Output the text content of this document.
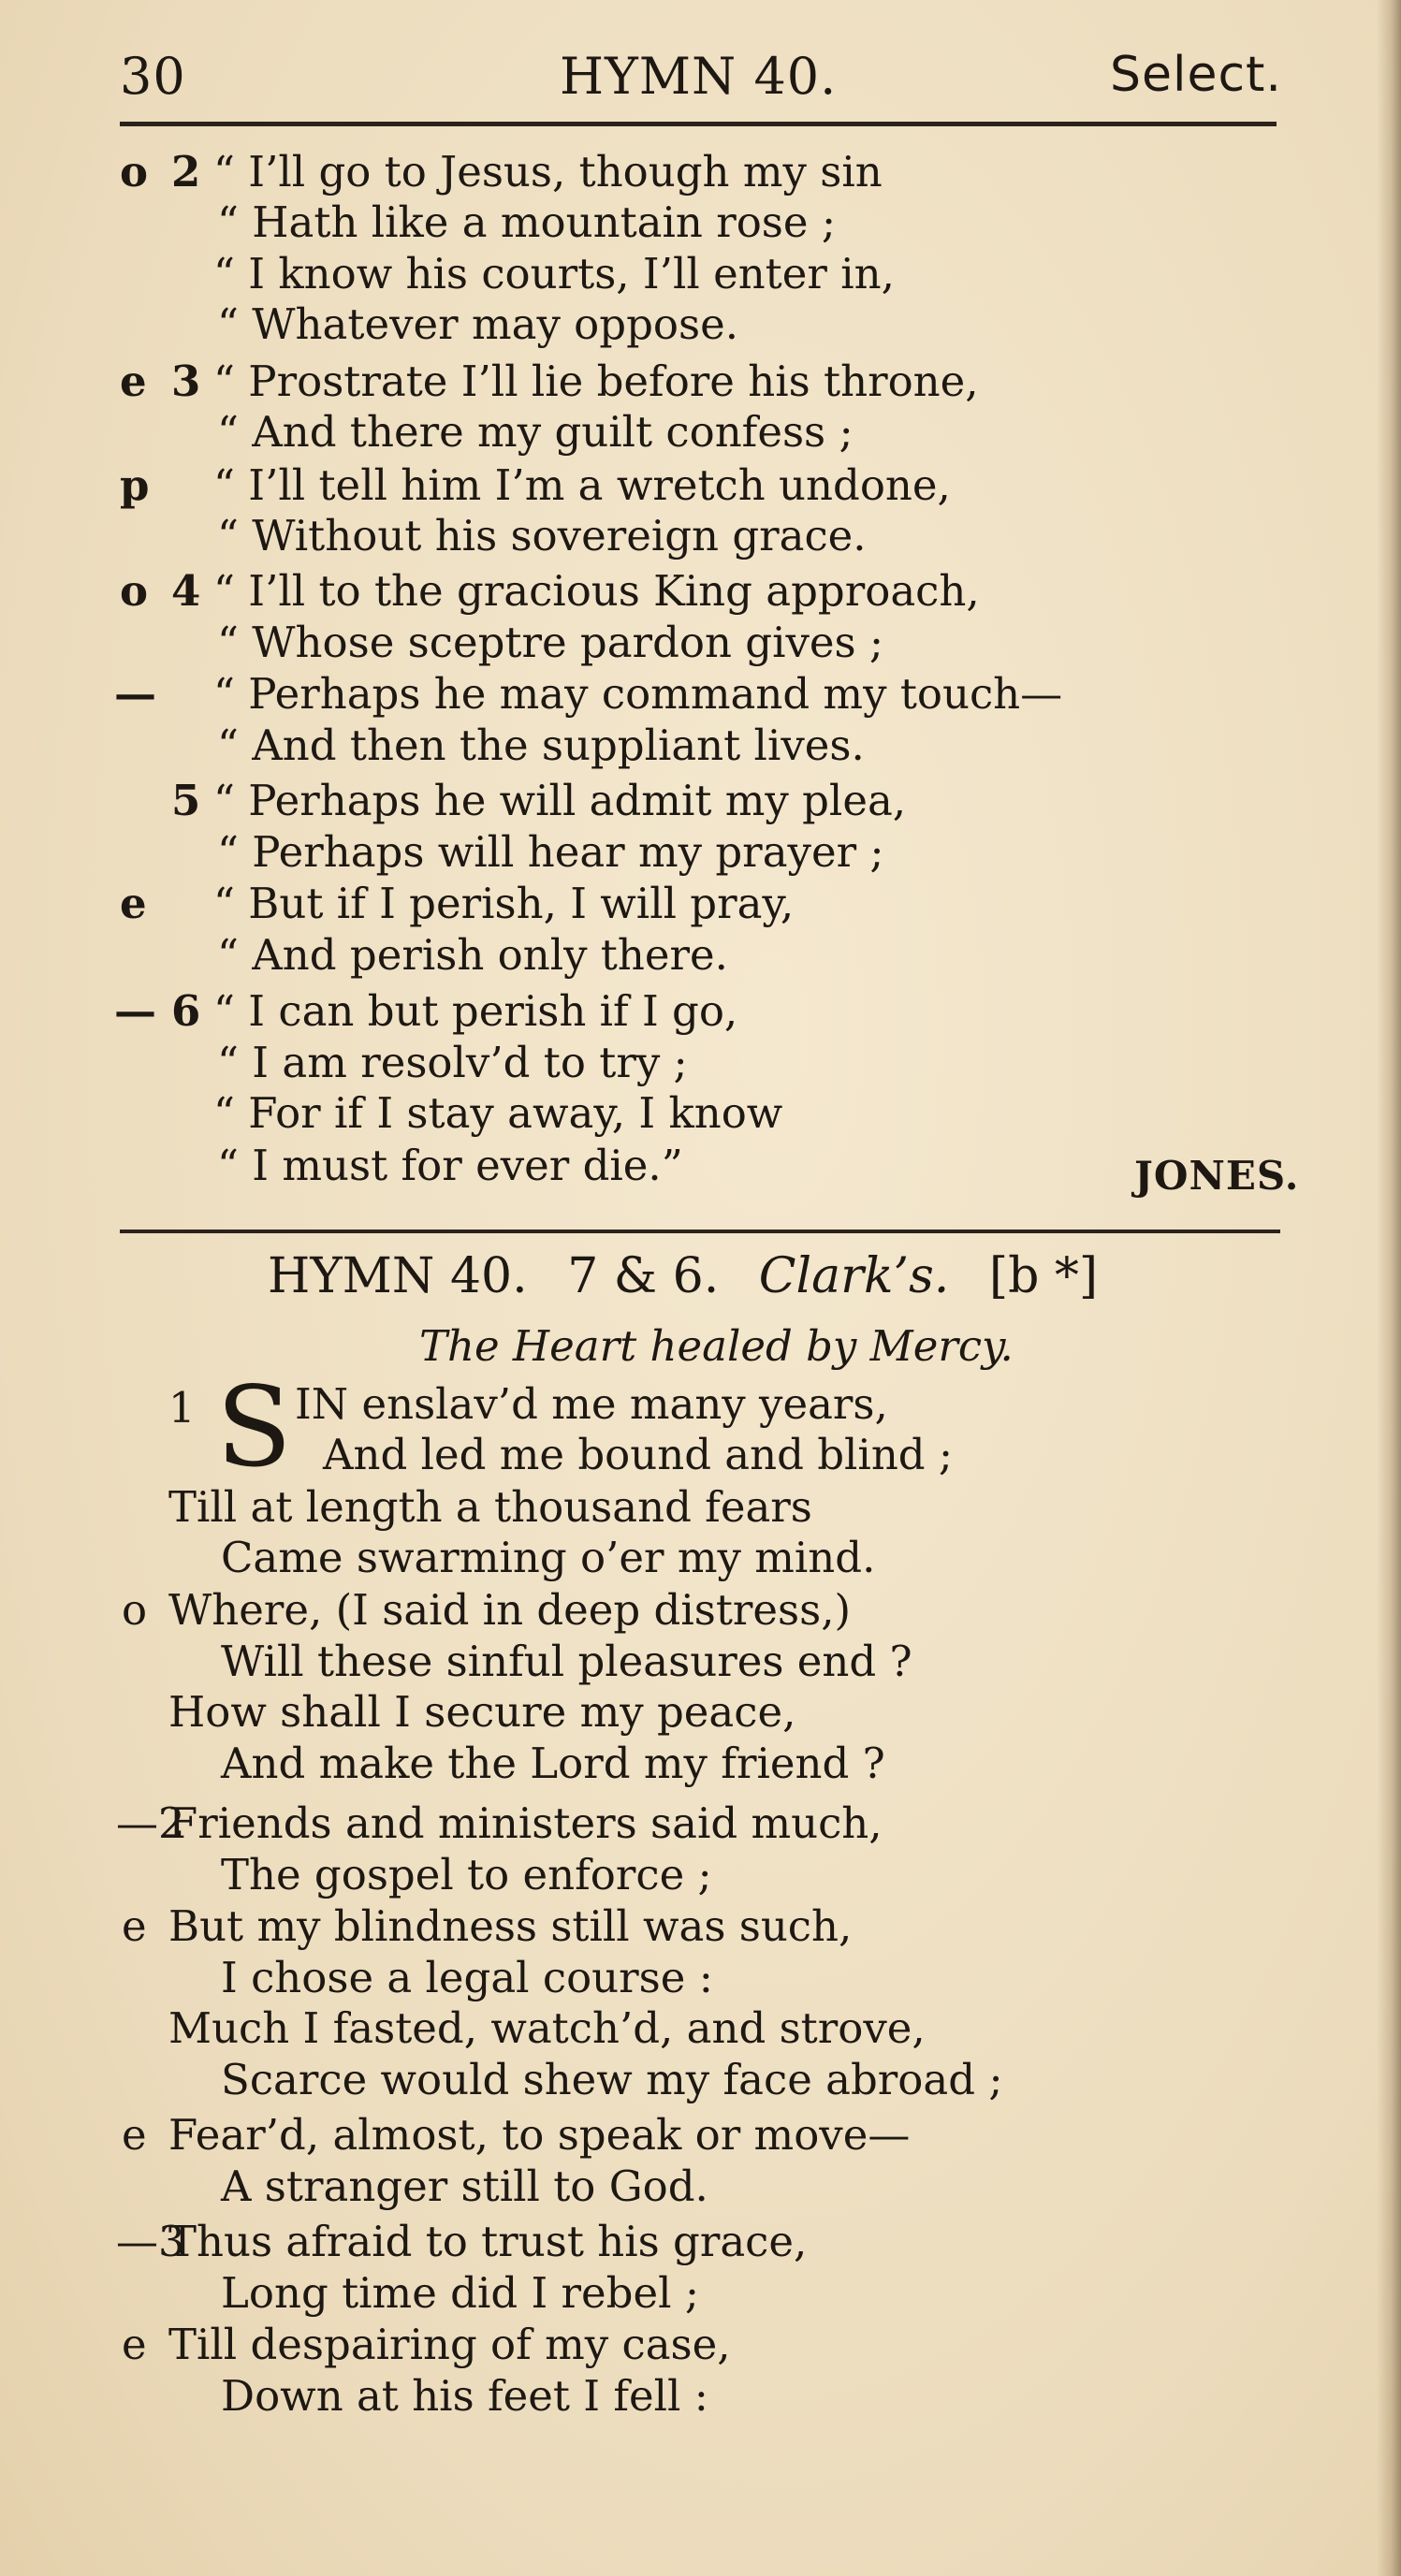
30	HYMN 40.	Select.
o 2 “ I’ll go to Jesus, though my sin
“ Hath like a mountain rose ;
“ I know his courts, I’ll enter in,
“ Whatever may oppose.
e 3 “ Prostrate I’ll lie before his throne,
“ And there my guilt confess ;
p “ I’ll tell him I’m a wretch undone,
“ Without his sovereign grace.
o 4 “ I’ll to the gracious King approach,
“ Whose sceptre pardon gives ;
— “ Perhaps he may command my touch—
“ And then the suppliant lives.
5 “ Perhaps he will admit my plea,
“ Perhaps will hear my prayer ;
e “ But if I perish, I will pray,
“ And perish only there.
— 6 “ I can but perish if I go,
“ I am resolv’d to try ;
“ For if I stay away, I know
“ I must for ever die.”	JONES.
HYMN 40. 7 & 6. Clark’s. [b *]
The Heart healed by Mercy.
1 S IN enslav’d me many years,
And led me bound and blind ;
Till at length a thousand fears
Came swarming o’er my mind.
o Where, (I said in deep distress,)
Will these sinful pleasures end ?
How shall I secure my peace,
And make the Lord my friend ?
—2
Friends and ministers said much,
The gospel to enforce ;
e But my blindness still was such,
I chose a legal course :
Much I fasted, watch’d, and strove,
Scarce would shew my face abroad ;
e Fear’d, almost, to speak or move—
A stranger still to God.
—3
Thus afraid to trust his grace,
Long time did I rebel ;
e Till despairing of my case,
Down at his feet I fell :
